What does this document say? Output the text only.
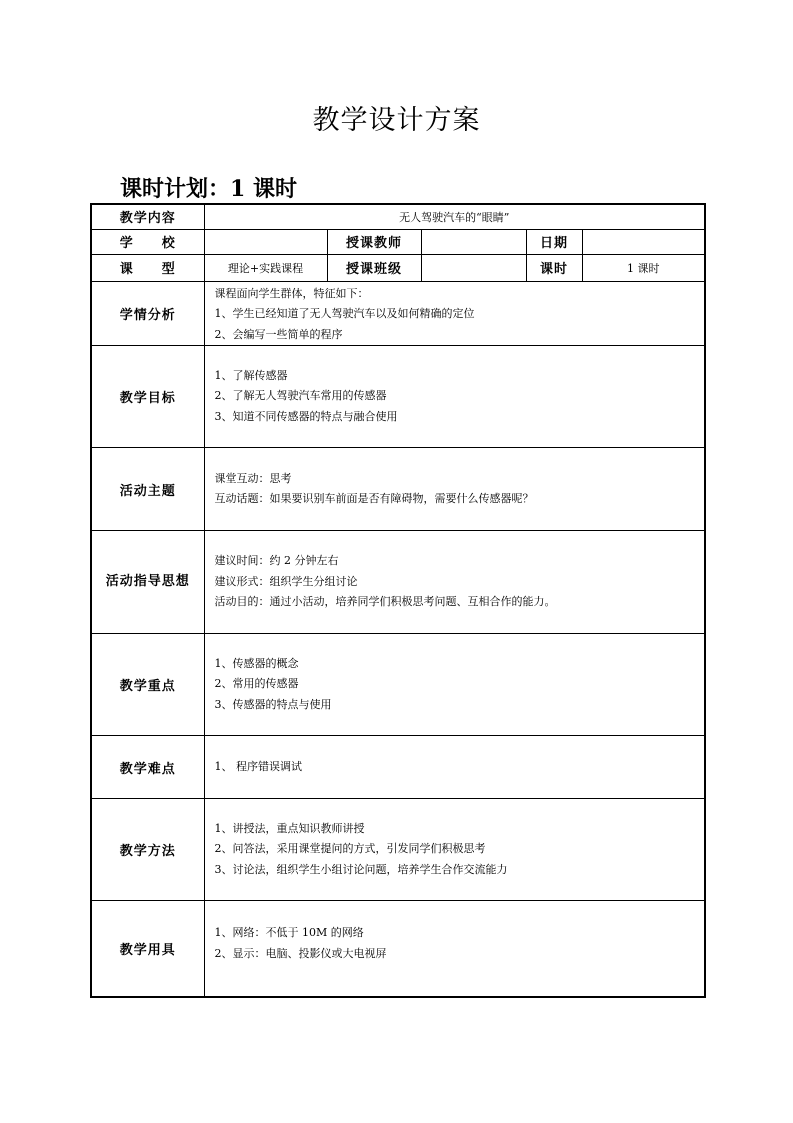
教学设计方案
课时计划：1 课时
教学内容	无人驾驶汽车的“眼睛”				
学　　校		授课教师		日期	
课　　型	理论+实践课程	授课班级		课时	1 课时
学情分析	课程面向学生群体，特征如下：
1、学生已经知道了无人驾驶汽车以及如何精确的定位
2、会编写一些简单的程序				

教学目标	1、了解传感器
2、了解无人驾驶汽车常用的传感器
3、知道不同传感器的特点与融合使用				

活动主题	课堂互动：思考
互动话题：如果要识别车前面是否有障碍物，需要什么传感器呢？				

活动指导思想	建议时间：约 2 分钟左右
建议形式：组织学生分组讨论
活动目的：通过小活动，培养同学们积极思考问题、互相合作的能力。				

教学重点	1、传感器的概念
2、常用的传感器
3、传感器的特点与使用				

教学难点	1、 程序错误调试				

教学方法	1、讲授法，重点知识教师讲授
2、问答法，采用课堂提问的方式，引发同学们积极思考
3、讨论法，组织学生小组讨论问题，培养学生合作交流能力				

教学用具	1、网络：不低于 10M 的网络
2、显示：电脑、投影仪或大电视屏				
